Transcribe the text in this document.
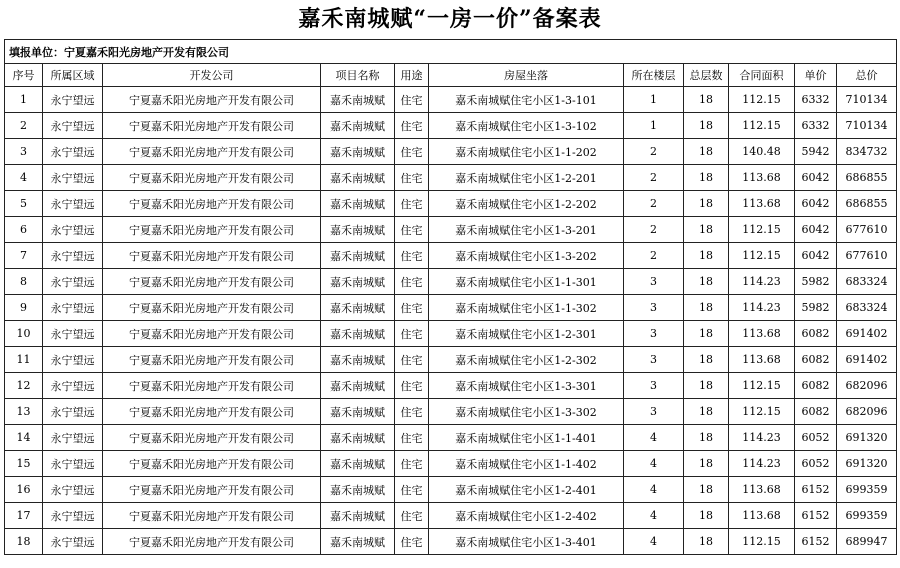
嘉禾南城赋“一房一价”备案表
填报单位：宁夏嘉禾阳光房地产开发有限公司										
序号	所属区域	开发公司	项目名称	用途	房屋坐落	所在楼层	总层数	合同面积	单价	总价
1	永宁望远	宁夏嘉禾阳光房地产开发有限公司	嘉禾南城赋	住宅	嘉禾南城赋住宅小区1-3-101	1	18	112.15	6332	710134
2	永宁望远	宁夏嘉禾阳光房地产开发有限公司	嘉禾南城赋	住宅	嘉禾南城赋住宅小区1-3-102	1	18	112.15	6332	710134
3	永宁望远	宁夏嘉禾阳光房地产开发有限公司	嘉禾南城赋	住宅	嘉禾南城赋住宅小区1-1-202	2	18	140.48	5942	834732
4	永宁望远	宁夏嘉禾阳光房地产开发有限公司	嘉禾南城赋	住宅	嘉禾南城赋住宅小区1-2-201	2	18	113.68	6042	686855
5	永宁望远	宁夏嘉禾阳光房地产开发有限公司	嘉禾南城赋	住宅	嘉禾南城赋住宅小区1-2-202	2	18	113.68	6042	686855
6	永宁望远	宁夏嘉禾阳光房地产开发有限公司	嘉禾南城赋	住宅	嘉禾南城赋住宅小区1-3-201	2	18	112.15	6042	677610
7	永宁望远	宁夏嘉禾阳光房地产开发有限公司	嘉禾南城赋	住宅	嘉禾南城赋住宅小区1-3-202	2	18	112.15	6042	677610
8	永宁望远	宁夏嘉禾阳光房地产开发有限公司	嘉禾南城赋	住宅	嘉禾南城赋住宅小区1-1-301	3	18	114.23	5982	683324
9	永宁望远	宁夏嘉禾阳光房地产开发有限公司	嘉禾南城赋	住宅	嘉禾南城赋住宅小区1-1-302	3	18	114.23	5982	683324
10	永宁望远	宁夏嘉禾阳光房地产开发有限公司	嘉禾南城赋	住宅	嘉禾南城赋住宅小区1-2-301	3	18	113.68	6082	691402
11	永宁望远	宁夏嘉禾阳光房地产开发有限公司	嘉禾南城赋	住宅	嘉禾南城赋住宅小区1-2-302	3	18	113.68	6082	691402
12	永宁望远	宁夏嘉禾阳光房地产开发有限公司	嘉禾南城赋	住宅	嘉禾南城赋住宅小区1-3-301	3	18	112.15	6082	682096
13	永宁望远	宁夏嘉禾阳光房地产开发有限公司	嘉禾南城赋	住宅	嘉禾南城赋住宅小区1-3-302	3	18	112.15	6082	682096
14	永宁望远	宁夏嘉禾阳光房地产开发有限公司	嘉禾南城赋	住宅	嘉禾南城赋住宅小区1-1-401	4	18	114.23	6052	691320
15	永宁望远	宁夏嘉禾阳光房地产开发有限公司	嘉禾南城赋	住宅	嘉禾南城赋住宅小区1-1-402	4	18	114.23	6052	691320
16	永宁望远	宁夏嘉禾阳光房地产开发有限公司	嘉禾南城赋	住宅	嘉禾南城赋住宅小区1-2-401	4	18	113.68	6152	699359
17	永宁望远	宁夏嘉禾阳光房地产开发有限公司	嘉禾南城赋	住宅	嘉禾南城赋住宅小区1-2-402	4	18	113.68	6152	699359
18	永宁望远	宁夏嘉禾阳光房地产开发有限公司	嘉禾南城赋	住宅	嘉禾南城赋住宅小区1-3-401	4	18	112.15	6152	689947
